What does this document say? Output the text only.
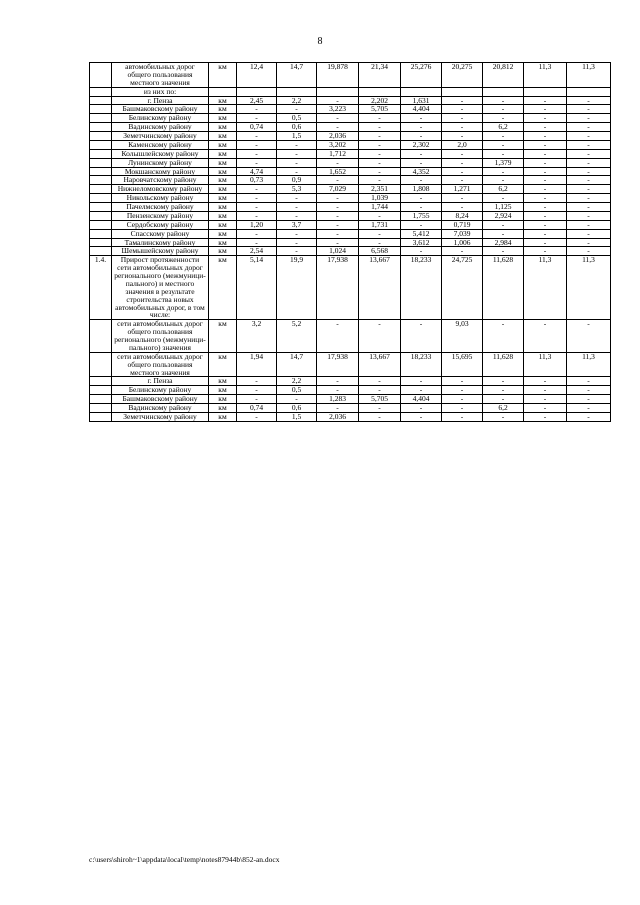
8
	автомобильных дорог общего пользования местного значения	км	12,4	14,7	19,878	21,34	25,276	20,275	20,812	11,3	11,3
	из них по:										
	г. Пенза	км	2,45	2,2	-	2,202	1,631	-	-	-	-
	Башмаковскому району	км	-	-	3,223	5,705	4,404	-	-	-	-
	Белинскому району	км	-	0,5	-	-	-	-	-	-	-
	Вадинскому району	км	0,74	0,6	-	-	-	-	6,2	-	-
	Земетчинскому району	км	-	1,5	2,036	-	-	-	-	-	-
	Каменскому району	км	-	-	3,202	-	2,302	2,0	-	-	-
	Колышлейскому району	км	-	-	1,712	-	-	-	-	-	-
	Лунинскому району	км	-	-	-	-	-	-	1,379	-	-
	Мокшанскому району	км	4,74	-	1,652	-	4,352	-	-	-	-
	Наровчатскому району	км	0,73	0,9	-	-	-	-	-	-	-
	Нижнеломовскому району	км	-	5,3	7,029	2,351	1,808	1,271	6,2	-	-
	Никольскому району	км	-	-	-	1,039	-	-	-	-	-
	Пачелмскому району	км	-	-	-	1,744	-	-	1,125	-	-
	Пензенскому району	км	-	-	-	-	1,755	8,24	2,924	-	-
	Сердобскому району	км	1,20	3,7	-	1,731	-	0,719	-	-	-
	Спасскому району	км	-	-	-	-	5,412	7,039	-	-	-
	Тамалинскому району	км	-	-	-	-	3,612	1,006	2,984	-	-
	Шемышейскому району	км	2,54	-	1,024	6,568	-	-	-	-	-
1.4.	Прирост протяженности сети автомобильных дорог регионального (межмуници-пального) и местного значения в результате строительства новых автомобильных дорог, в том числе:	км	5,14	19,9	17,938	13,667	18,233	24,725	11,628	11,3	11,3
	сети автомобильных дорог общего пользования регионального (межмуници-пального) значения	км	3,2	5,2	-	-	-	9,03	-	-	-
	сети автомобильных дорог общего пользования местного значения	км	1,94	14,7	17,938	13,667	18,233	15,695	11,628	11,3	11,3
	г. Пенза	км	-	2,2	-	-	-	-	-	-	-
	Белинскому району	км	-	0,5	-	-	-	-	-	-	-
	Башмаковскому району	км	-	-	1,283	5,705	4,404	-	-	-	-
	Вадинскому району	км	0,74	0,6	-	-	-	-	6,2	-	-
	Земетчинскому району	км	-	1,5	2,036	-	-	-	-	-	-
c:\users\shiroh~1\appdata\local\temp\notes87944b\852-an.docx
